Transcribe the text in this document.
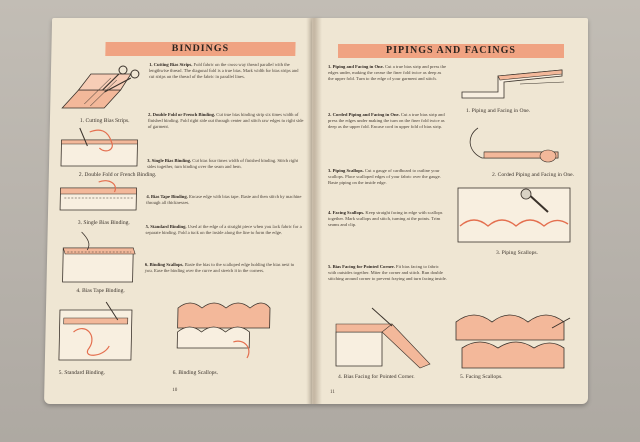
BINDINGS
1. Cutting Bias Strips.
2. Double Fold or French Binding.
3. Single Bias Binding.
4. Bias Tape Binding.
5. Standard Binding.
1. Cutting Bias Strips. Fold fabric on the cross-way thread parallel with the lengthwise thread. The diagonal fold is a true bias. Mark width for bias strips and cut strips on the thread of the fabric in parallel lines.
2. Double Fold or French Binding. Cut true bias binding strip six times width of finished binding. Fold right side out through center and stitch raw edges to right side of garment.
3. Single Bias Binding. Cut bias four times width of finished binding. Stitch right sides together, turn binding over the seam and hem.
4. Bias Tape Binding. Encase edge with bias tape. Baste and then stitch by machine through all thicknesses.
5. Standard Binding. Used at the edge of a straight piece when you lack fabric for a separate binding. Fold a tuck on the inside along the line to form the edge.
6. Binding Scallops. Baste the bias to the scalloped edge holding the bias next to you. Ease the binding over the curve and stretch it in the corners.
6. Binding Scallops.
10
PIPINGS AND FACINGS
1. Piping and Facing in One. Cut a true bias strip and press the edges under, making the crease the finer fold twice as deep as the upper fold. Turn to the edge of your garment and stitch.
2. Corded Piping and Facing in One. Cut a true bias strip and press the edges under making the turn on the finer fold twice as deep as the upper fold. Encase cord in upper fold of bias strip.
3. Piping Scallops. Cut a gauge of cardboard to outline your scallops. Place scalloped edges of your fabric over the gauge. Baste piping on the inside edge.
4. Facing Scallops. Keep straight facing in edge with scallops together. Mark scallops and stitch, turning at the points. Trim seams and clip.
5. Bias Facing for Pointed Corner. Fit bias facing to fabric with outsides together. Miter the corner and stitch. Run double stitching around corner to prevent fraying and turn facing inside.
1. Piping and Facing in One.
2. Corded Piping and Facing in One.
3. Piping Scallops.
4. Bias Facing for Pointed Corner.	5. Facing Scallops.
11
